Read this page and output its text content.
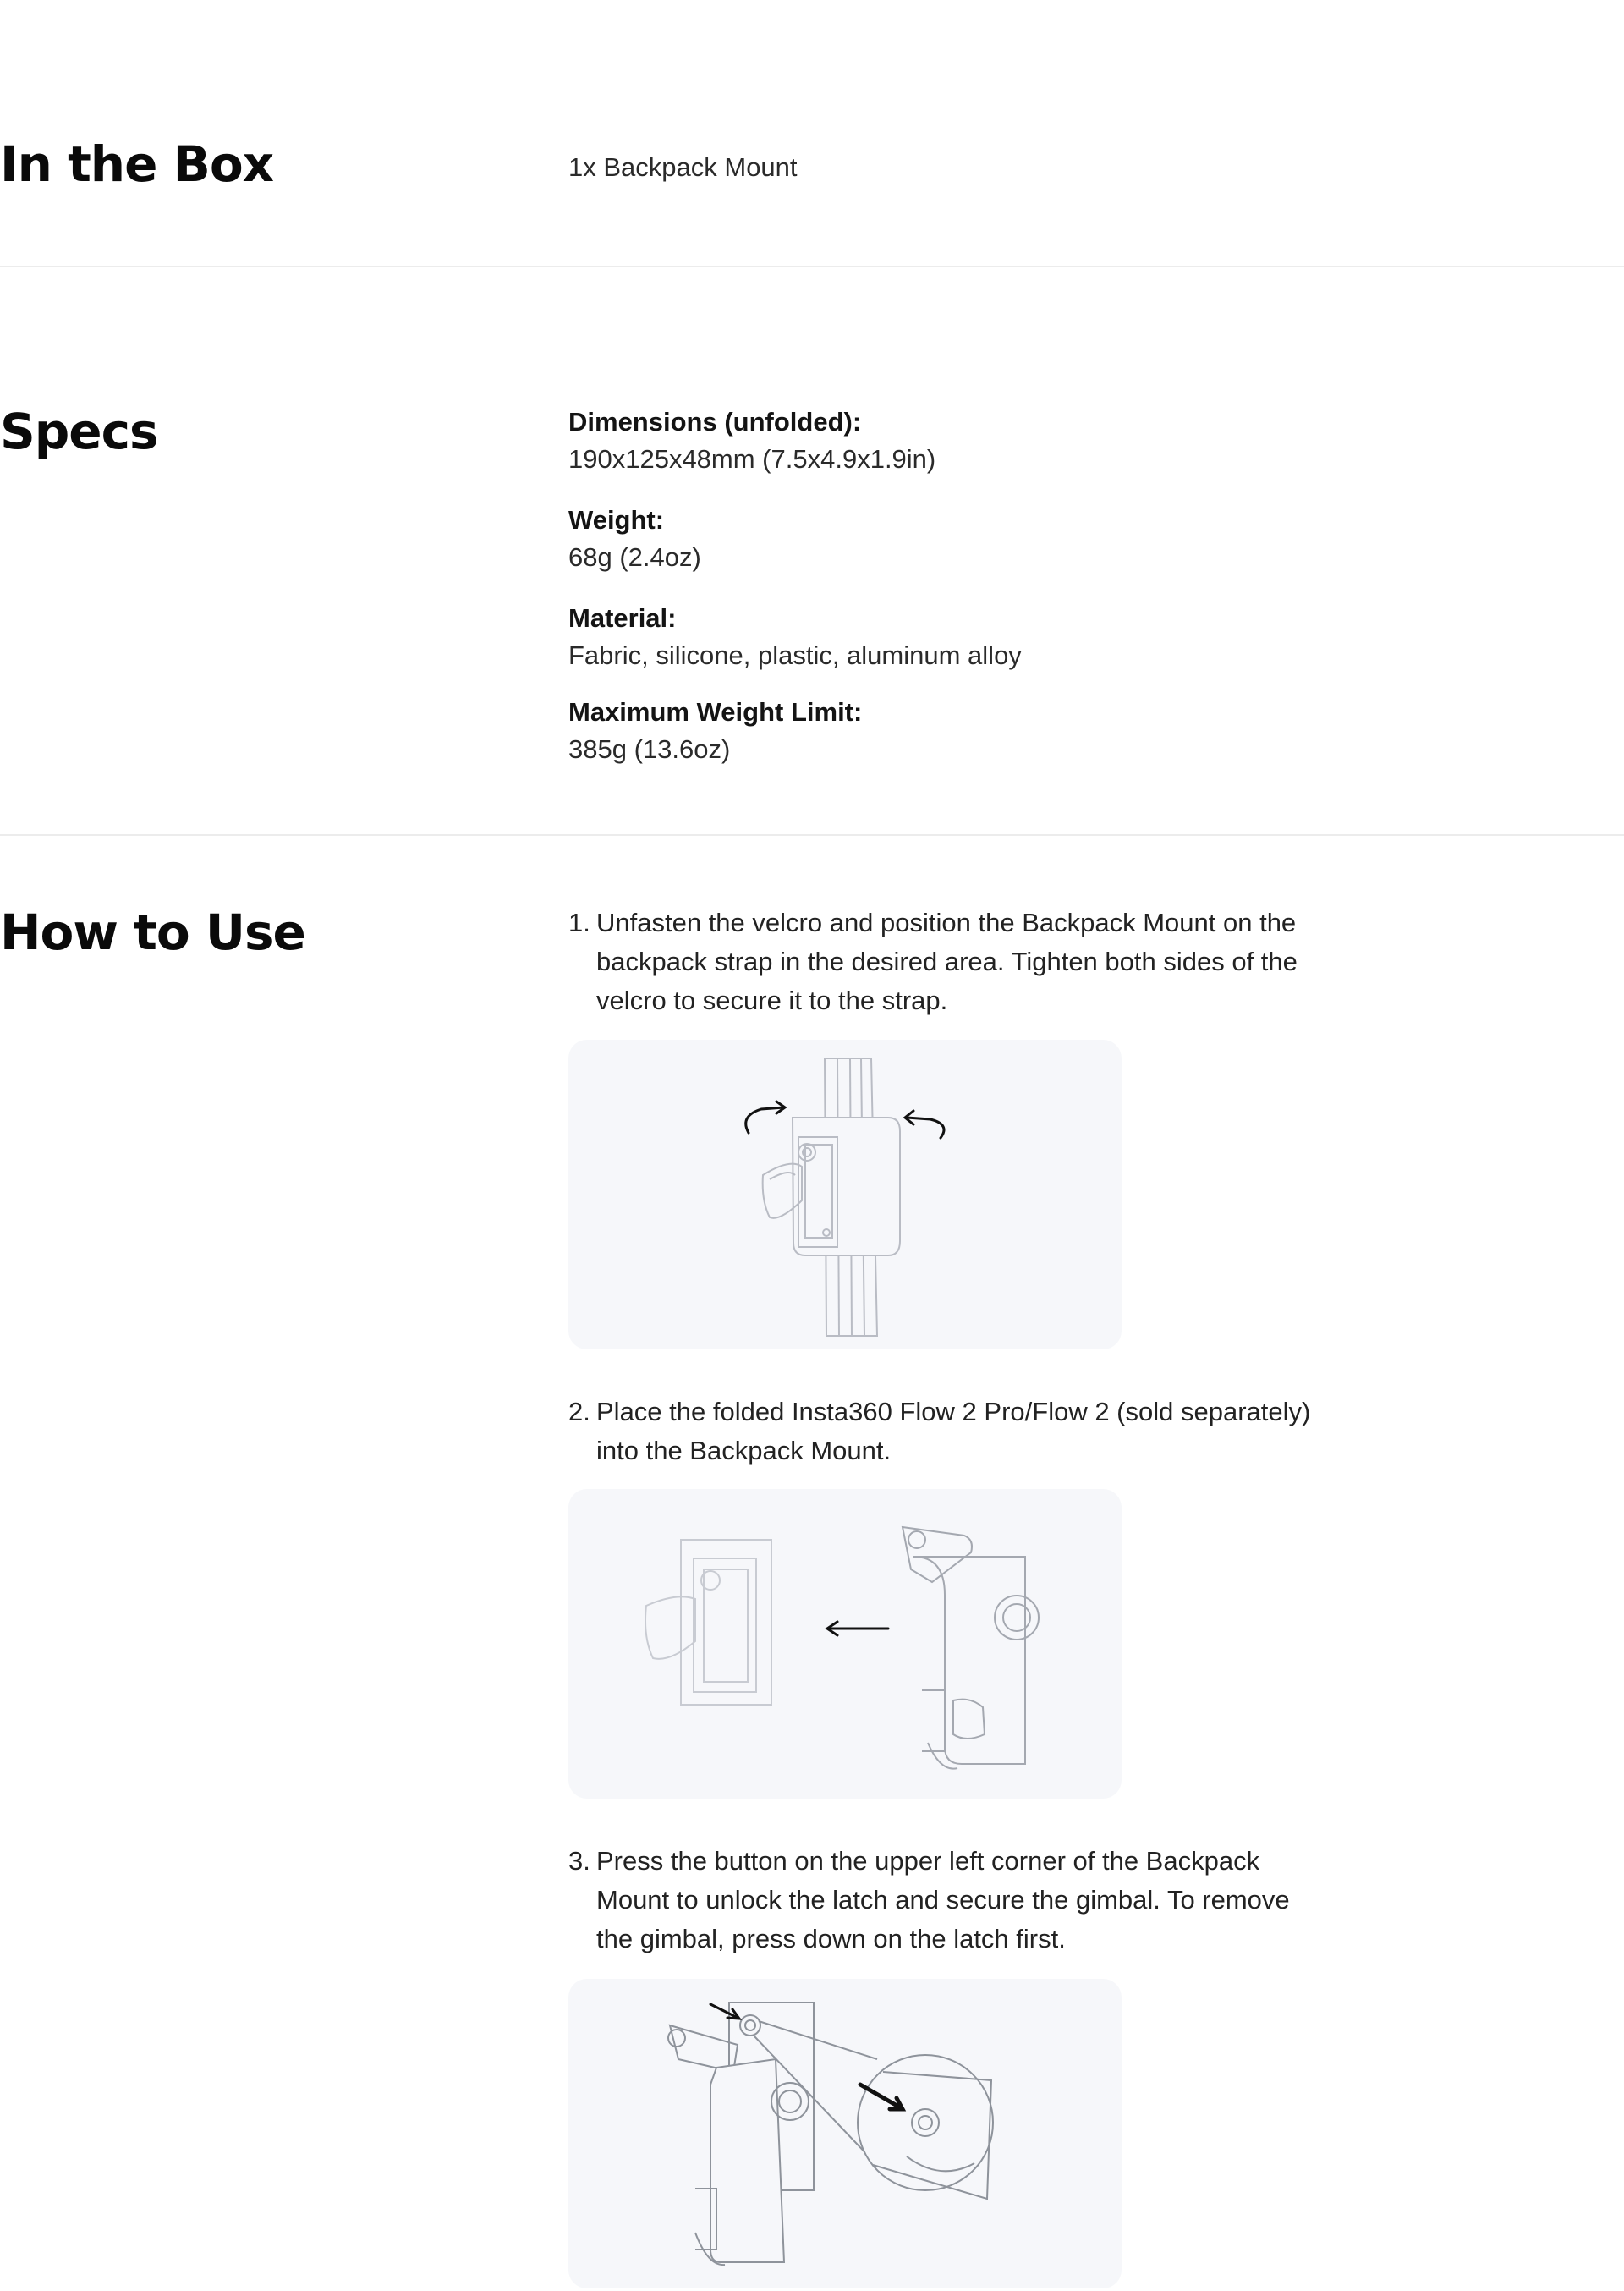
In the Box	1x Backpack Mount
Specs	Dimensions (unfolded):
190x125x48mm (7.5x4.9x1.9in)
Weight:
68g (2.4oz)
Material:
Fabric, silicone, plastic, aluminum alloy
Maximum Weight Limit:
385g (13.6oz)
How to Use	1. Unfasten the velcro and position the Backpack Mount on the backpack strap in the desired area. Tighten both sides of the velcro to secure it to the strap.
2. Place the folded Insta360 Flow 2 Pro/Flow 2 (sold separately) into the Backpack Mount.
3. Press the button on the upper left corner of the Backpack Mount to unlock the latch and secure the gimbal. To remove the gimbal, press down on the latch first.
